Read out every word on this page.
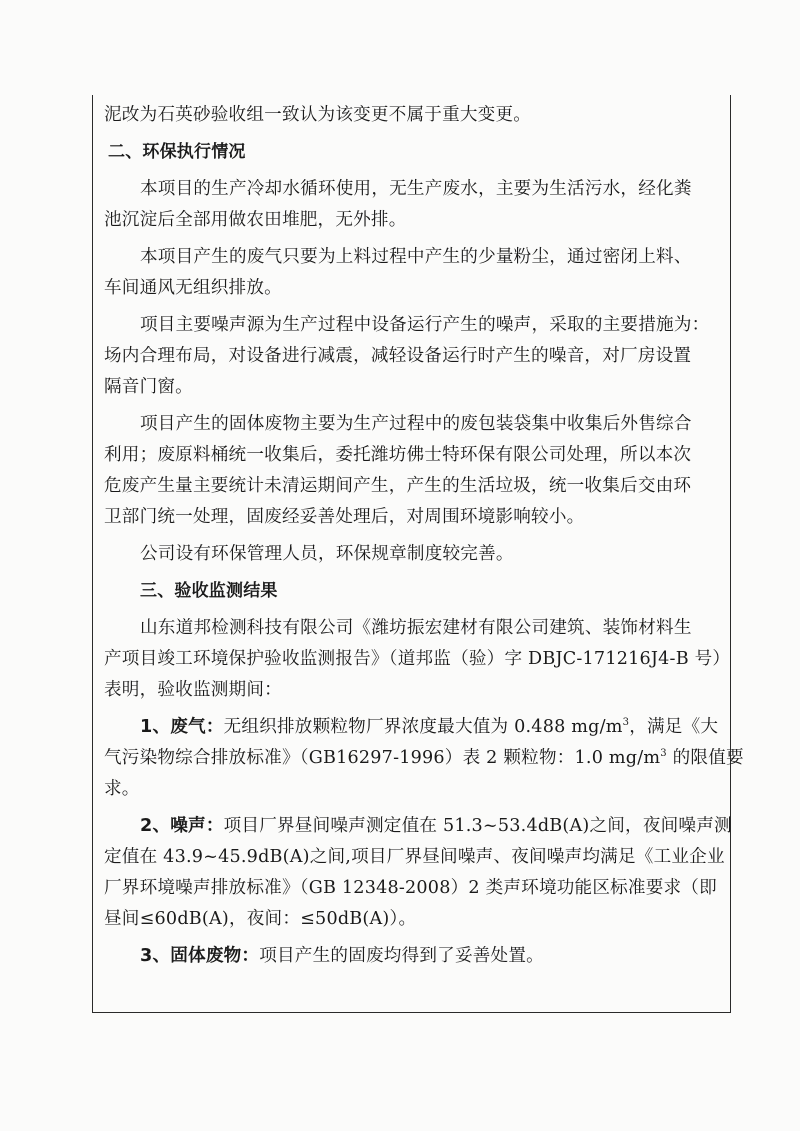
泥改为石英砂验收组一致认为该变更不属于重大变更。

二、环保执行情况

本项目的生产冷却水循环使用，无生产废水，主要为生活污水，经化粪

池沉淀后全部用做农田堆肥，无外排。

本项目产生的废气只要为上料过程中产生的少量粉尘，通过密闭上料、

车间通风无组织排放。

项目主要噪声源为生产过程中设备运行产生的噪声，采取的主要措施为：

场内合理布局，对设备进行减震，减轻设备运行时产生的噪音，对厂房设置

隔音门窗。

项目产生的固体废物主要为生产过程中的废包装袋集中收集后外售综合

利用；废原料桶统一收集后，委托潍坊佛士特环保有限公司处理，所以本次

危废产生量主要统计未清运期间产生，产生的生活垃圾，统一收集后交由环

卫部门统一处理，固废经妥善处理后，对周围环境影响较小。

公司设有环保管理人员，环保规章制度较完善。

三、验收监测结果

山东道邦检测科技有限公司《潍坊振宏建材有限公司建筑、装饰材料生

产项目竣工环境保护验收监测报告》（道邦监（验）字 DBJC-171216J4-B 号）

表明，验收监测期间：

1、废气：无组织排放颗粒物厂界浓度最大值为 0.488 $mg/m^3$，满足《大

气污染物综合排放标准》（GB16297-1996）表 2 颗粒物：1.0 $mg/m^3$ 的限值要

求。

2、噪声：项目厂界昼间噪声测定值在 51.3~53.4dB(A)之间，夜间噪声测

定值在 43.9~45.9dB(A)之间,项目厂界昼间噪声、夜间噪声均满足《工业企业

厂界环境噪声排放标准》（GB 12348-2008）2 类声环境功能区标准要求（即

昼间≤60dB(A)，夜间：≤50dB(A)）。

3、固体废物：项目产生的固废均得到了妥善处置。
